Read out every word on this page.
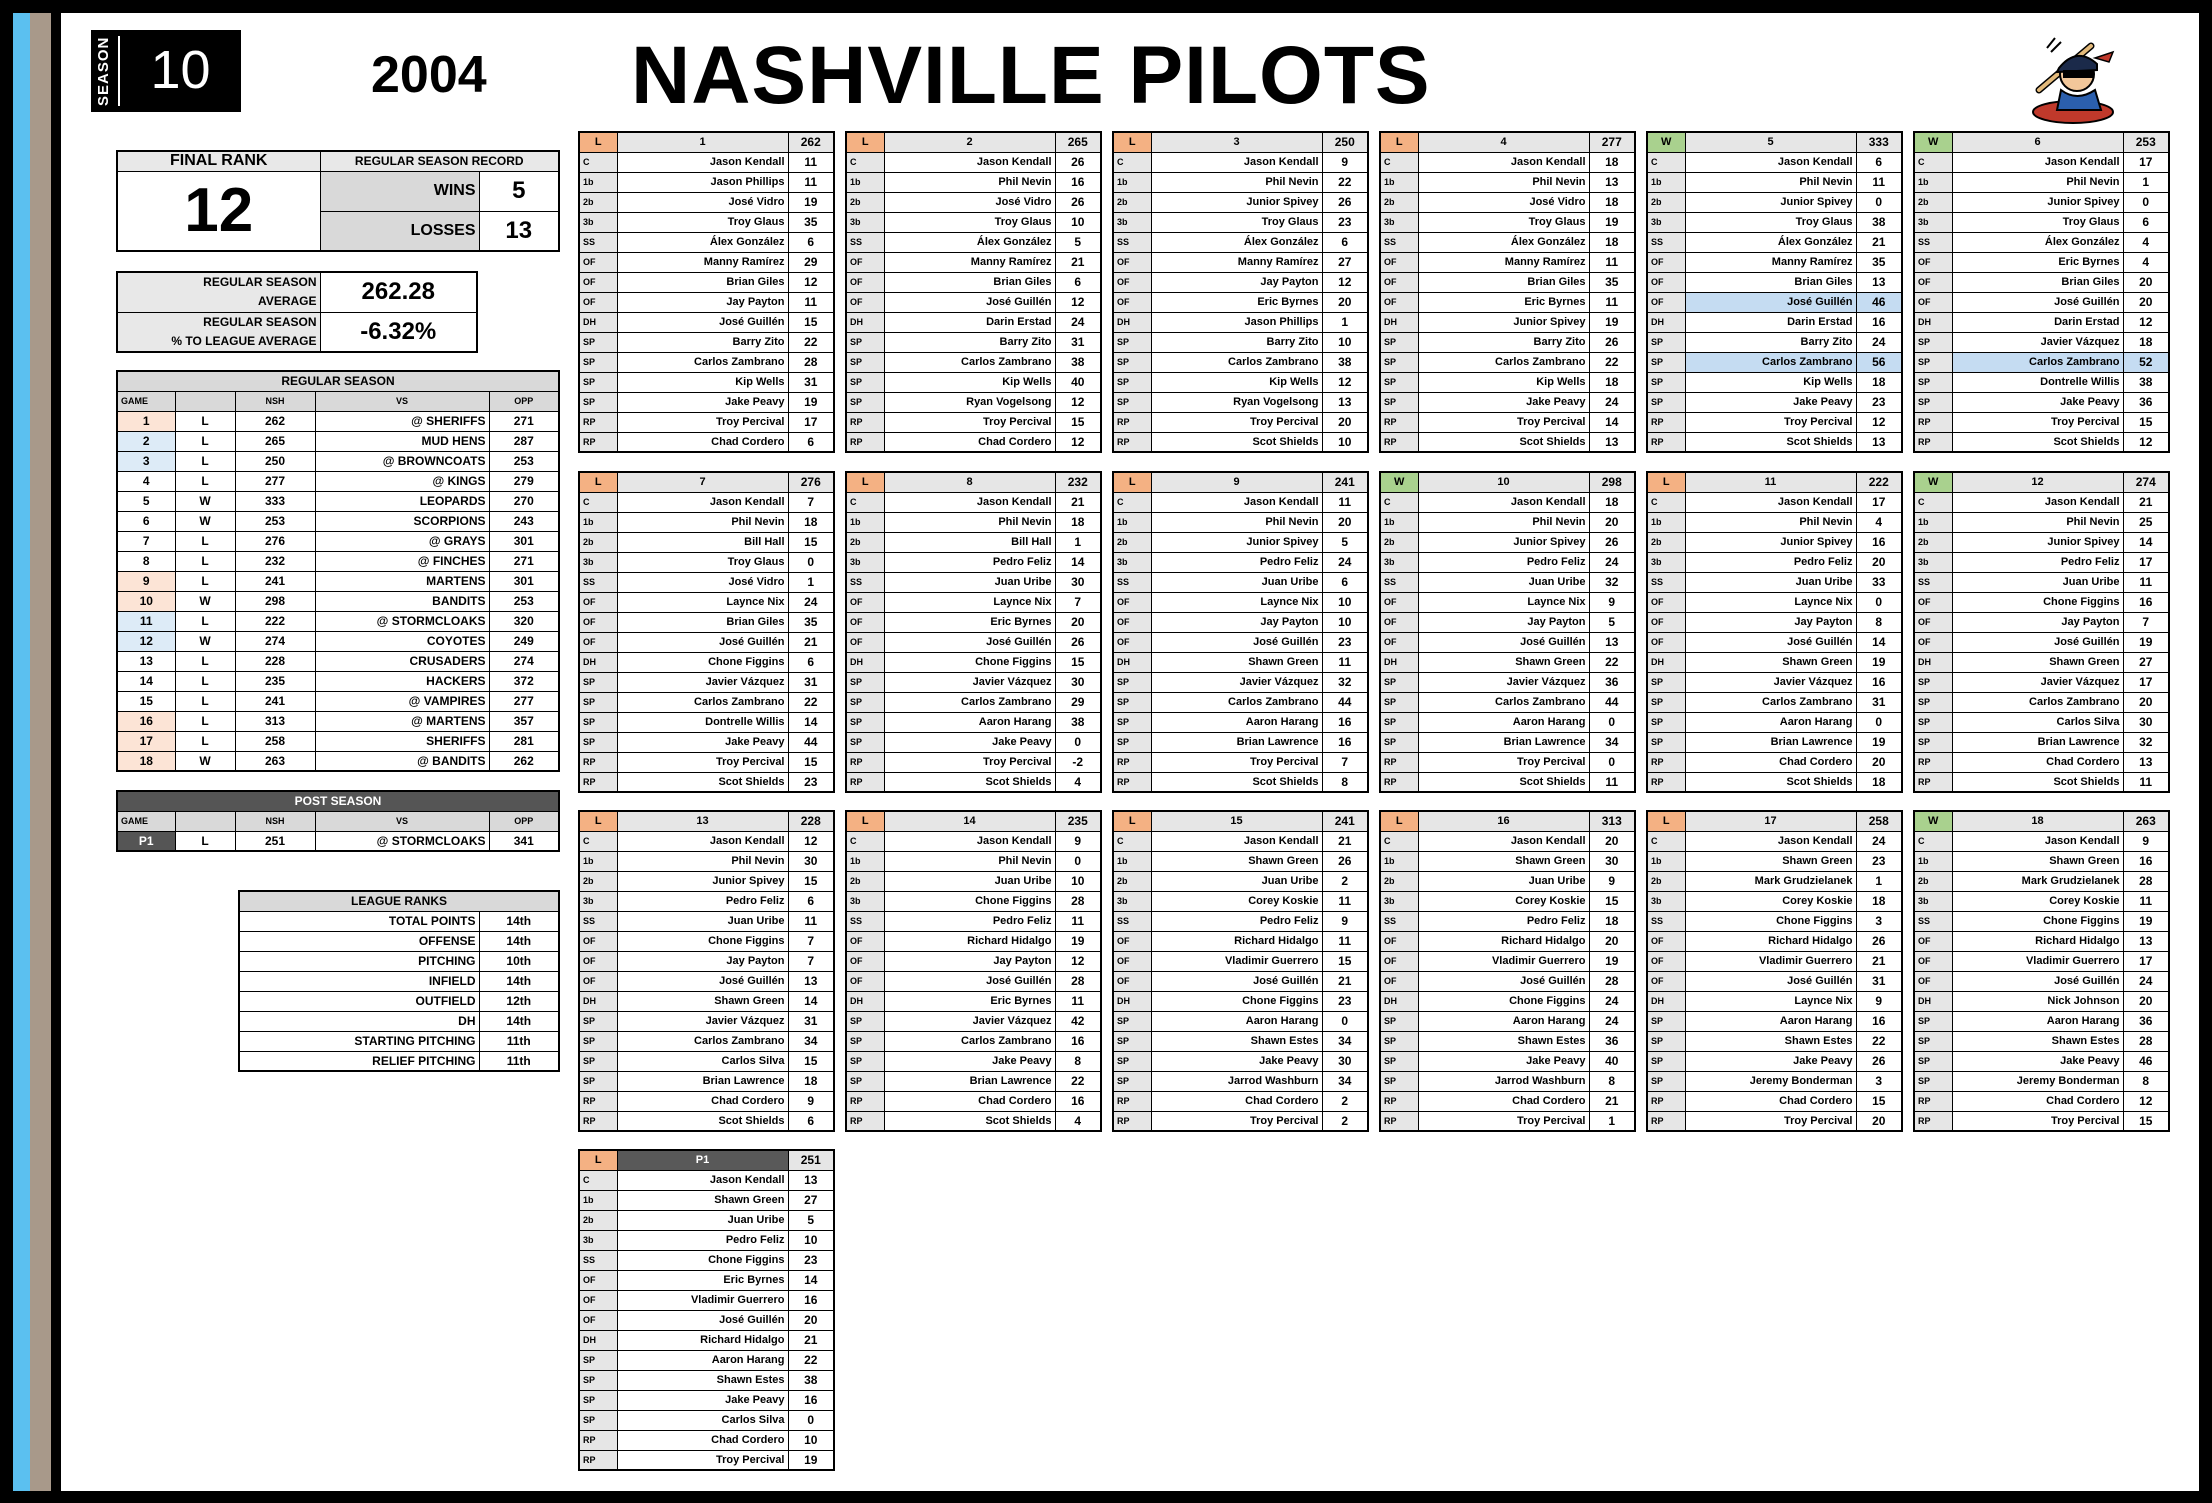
SEASON 10	2004 NASHVILLE PILOTS
FINAL RANK	REGULAR SEASON RECORD	
12	WINS	5
	LOSSES	13
REGULAR SEASON
AVERAGE	262.28

REGULAR SEASON
% TO LEAGUE AVERAGE	-6.32%
REGULAR SEASON				
GAME		NSH	VS	OPP
1	L	262	@ SHERIFFS	271
2	L	265	MUD HENS	287
3	L	250	@ BROWNCOATS	253
4	L	277	@ KINGS	279
5	W	333	LEOPARDS	270
6	W	253	SCORPIONS	243
7	L	276	@ GRAYS	301
8	L	232	@ FINCHES	271
9	L	241	MARTENS	301
10	W	298	BANDITS	253
11	L	222	@ STORMCLOAKS	320
12	W	274	COYOTES	249
13	L	228	CRUSADERS	274
14	L	235	HACKERS	372
15	L	241	@ VAMPIRES	277
16	L	313	@ MARTENS	357
17	L	258	SHERIFFS	281
18	W	263	@ BANDITS	262
POST SEASON				
GAME		NSH	VS	OPP
P1	L	251	@ STORMCLOAKS	341
LEAGUE RANKS	
TOTAL POINTS	14th
OFFENSE	14th
PITCHING	10th
INFIELD	14th
OUTFIELD	12th
DH	14th
STARTING PITCHING	11th
RELIEF PITCHING	11th
L	1	262
C	Jason Kendall	11
1b	Jason Phillips	11
2b	José Vidro	19
3b	Troy Glaus	35
SS	Álex González	6
OF	Manny Ramírez	29
OF	Brian Giles	12
OF	Jay Payton	11
DH	José Guillén	15
SP	Barry Zito	22
SP	Carlos Zambrano	28
SP	Kip Wells	31
SP	Jake Peavy	19
RP	Troy Percival	17
RP	Chad Cordero	6
L	2	265
C	Jason Kendall	26
1b	Phil Nevin	16
2b	José Vidro	26
3b	Troy Glaus	10
SS	Álex González	5
OF	Manny Ramírez	21
OF	Brian Giles	6
OF	José Guillén	12
DH	Darin Erstad	24
SP	Barry Zito	31
SP	Carlos Zambrano	38
SP	Kip Wells	40
SP	Ryan Vogelsong	12
RP	Troy Percival	15
RP	Chad Cordero	12
L	3	250
C	Jason Kendall	9
1b	Phil Nevin	22
2b	Junior Spivey	26
3b	Troy Glaus	23
SS	Álex González	6
OF	Manny Ramírez	27
OF	Jay Payton	12
OF	Eric Byrnes	20
DH	Jason Phillips	1
SP	Barry Zito	10
SP	Carlos Zambrano	38
SP	Kip Wells	12
SP	Ryan Vogelsong	13
RP	Troy Percival	20
RP	Scot Shields	10
L	4	277
C	Jason Kendall	18
1b	Phil Nevin	13
2b	José Vidro	18
3b	Troy Glaus	19
SS	Álex González	18
OF	Manny Ramírez	11
OF	Brian Giles	35
OF	Eric Byrnes	11
DH	Junior Spivey	19
SP	Barry Zito	26
SP	Carlos Zambrano	22
SP	Kip Wells	18
SP	Jake Peavy	24
RP	Troy Percival	14
RP	Scot Shields	13
W	5	333
C	Jason Kendall	6
1b	Phil Nevin	11
2b	Junior Spivey	0
3b	Troy Glaus	38
SS	Álex González	21
OF	Manny Ramírez	35
OF	Brian Giles	13
OF	José Guillén	46
DH	Darin Erstad	16
SP	Barry Zito	24
SP	Carlos Zambrano	56
SP	Kip Wells	18
SP	Jake Peavy	23
RP	Troy Percival	12
RP	Scot Shields	13
W	6	253
C	Jason Kendall	17
1b	Phil Nevin	1
2b	Junior Spivey	0
3b	Troy Glaus	6
SS	Álex González	4
OF	Eric Byrnes	4
OF	Brian Giles	20
OF	José Guillén	20
DH	Darin Erstad	12
SP	Javier Vázquez	18
SP	Carlos Zambrano	52
SP	Dontrelle Willis	38
SP	Jake Peavy	36
RP	Troy Percival	15
RP	Scot Shields	12
L	7	276
C	Jason Kendall	7
1b	Phil Nevin	18
2b	Bill Hall	15
3b	Troy Glaus	0
SS	José Vidro	1
OF	Laynce Nix	24
OF	Brian Giles	35
OF	José Guillén	21
DH	Chone Figgins	6
SP	Javier Vázquez	31
SP	Carlos Zambrano	22
SP	Dontrelle Willis	14
SP	Jake Peavy	44
RP	Troy Percival	15
RP	Scot Shields	23
L	8	232
C	Jason Kendall	21
1b	Phil Nevin	18
2b	Bill Hall	1
3b	Pedro Feliz	14
SS	Juan Uribe	30
OF	Laynce Nix	7
OF	Eric Byrnes	20
OF	José Guillén	26
DH	Chone Figgins	15
SP	Javier Vázquez	30
SP	Carlos Zambrano	29
SP	Aaron Harang	38
SP	Jake Peavy	0
RP	Troy Percival	-2
RP	Scot Shields	4
L	9	241
C	Jason Kendall	11
1b	Phil Nevin	20
2b	Junior Spivey	5
3b	Pedro Feliz	24
SS	Juan Uribe	6
OF	Laynce Nix	10
OF	Jay Payton	10
OF	José Guillén	23
DH	Shawn Green	11
SP	Javier Vázquez	32
SP	Carlos Zambrano	44
SP	Aaron Harang	16
SP	Brian Lawrence	16
RP	Troy Percival	7
RP	Scot Shields	8
W	10	298
C	Jason Kendall	18
1b	Phil Nevin	20
2b	Junior Spivey	26
3b	Pedro Feliz	24
SS	Juan Uribe	32
OF	Laynce Nix	9
OF	Jay Payton	5
OF	José Guillén	13
DH	Shawn Green	22
SP	Javier Vázquez	36
SP	Carlos Zambrano	44
SP	Aaron Harang	0
SP	Brian Lawrence	34
RP	Troy Percival	0
RP	Scot Shields	11
L	11	222
C	Jason Kendall	17
1b	Phil Nevin	4
2b	Junior Spivey	16
3b	Pedro Feliz	20
SS	Juan Uribe	33
OF	Laynce Nix	0
OF	Jay Payton	8
OF	José Guillén	14
DH	Shawn Green	19
SP	Javier Vázquez	16
SP	Carlos Zambrano	31
SP	Aaron Harang	0
SP	Brian Lawrence	19
RP	Chad Cordero	20
RP	Scot Shields	18
W	12	274
C	Jason Kendall	21
1b	Phil Nevin	25
2b	Junior Spivey	14
3b	Pedro Feliz	17
SS	Juan Uribe	11
OF	Chone Figgins	16
OF	Jay Payton	7
OF	José Guillén	19
DH	Shawn Green	27
SP	Javier Vázquez	17
SP	Carlos Zambrano	20
SP	Carlos Silva	30
SP	Brian Lawrence	32
RP	Chad Cordero	13
RP	Scot Shields	11
L	13	228
C	Jason Kendall	12
1b	Phil Nevin	30
2b	Junior Spivey	15
3b	Pedro Feliz	6
SS	Juan Uribe	11
OF	Chone Figgins	7
OF	Jay Payton	7
OF	José Guillén	13
DH	Shawn Green	14
SP	Javier Vázquez	31
SP	Carlos Zambrano	34
SP	Carlos Silva	15
SP	Brian Lawrence	18
RP	Chad Cordero	9
RP	Scot Shields	6
L	14	235
C	Jason Kendall	9
1b	Phil Nevin	0
2b	Juan Uribe	10
3b	Chone Figgins	28
SS	Pedro Feliz	11
OF	Richard Hidalgo	19
OF	Jay Payton	12
OF	José Guillén	28
DH	Eric Byrnes	11
SP	Javier Vázquez	42
SP	Carlos Zambrano	16
SP	Jake Peavy	8
SP	Brian Lawrence	22
RP	Chad Cordero	16
RP	Scot Shields	4
L	15	241
C	Jason Kendall	21
1b	Shawn Green	26
2b	Juan Uribe	2
3b	Corey Koskie	11
SS	Pedro Feliz	9
OF	Richard Hidalgo	11
OF	Vladimir Guerrero	15
OF	José Guillén	21
DH	Chone Figgins	23
SP	Aaron Harang	0
SP	Shawn Estes	34
SP	Jake Peavy	30
SP	Jarrod Washburn	34
RP	Chad Cordero	2
RP	Troy Percival	2
L	16	313
C	Jason Kendall	20
1b	Shawn Green	30
2b	Juan Uribe	9
3b	Corey Koskie	15
SS	Pedro Feliz	18
OF	Richard Hidalgo	20
OF	Vladimir Guerrero	19
OF	José Guillén	28
DH	Chone Figgins	24
SP	Aaron Harang	24
SP	Shawn Estes	36
SP	Jake Peavy	40
SP	Jarrod Washburn	8
RP	Chad Cordero	21
RP	Troy Percival	1
L	17	258
C	Jason Kendall	24
1b	Shawn Green	23
2b	Mark Grudzielanek	1
3b	Corey Koskie	18
SS	Chone Figgins	3
OF	Richard Hidalgo	26
OF	Vladimir Guerrero	21
OF	José Guillén	31
DH	Laynce Nix	9
SP	Aaron Harang	16
SP	Shawn Estes	22
SP	Jake Peavy	26
SP	Jeremy Bonderman	3
RP	Chad Cordero	15
RP	Troy Percival	20
W	18	263
C	Jason Kendall	9
1b	Shawn Green	16
2b	Mark Grudzielanek	28
3b	Corey Koskie	11
SS	Chone Figgins	19
OF	Richard Hidalgo	13
OF	Vladimir Guerrero	17
OF	José Guillén	24
DH	Nick Johnson	20
SP	Aaron Harang	36
SP	Shawn Estes	28
SP	Jake Peavy	46
SP	Jeremy Bonderman	8
RP	Chad Cordero	12
RP	Troy Percival	15
L	P1	251
C	Jason Kendall	13
1b	Shawn Green	27
2b	Juan Uribe	5
3b	Pedro Feliz	10
SS	Chone Figgins	23
OF	Eric Byrnes	14
OF	Vladimir Guerrero	16
OF	José Guillén	20
DH	Richard Hidalgo	21
SP	Aaron Harang	22
SP	Shawn Estes	38
SP	Jake Peavy	16
SP	Carlos Silva	0
RP	Chad Cordero	10
RP	Troy Percival	19
